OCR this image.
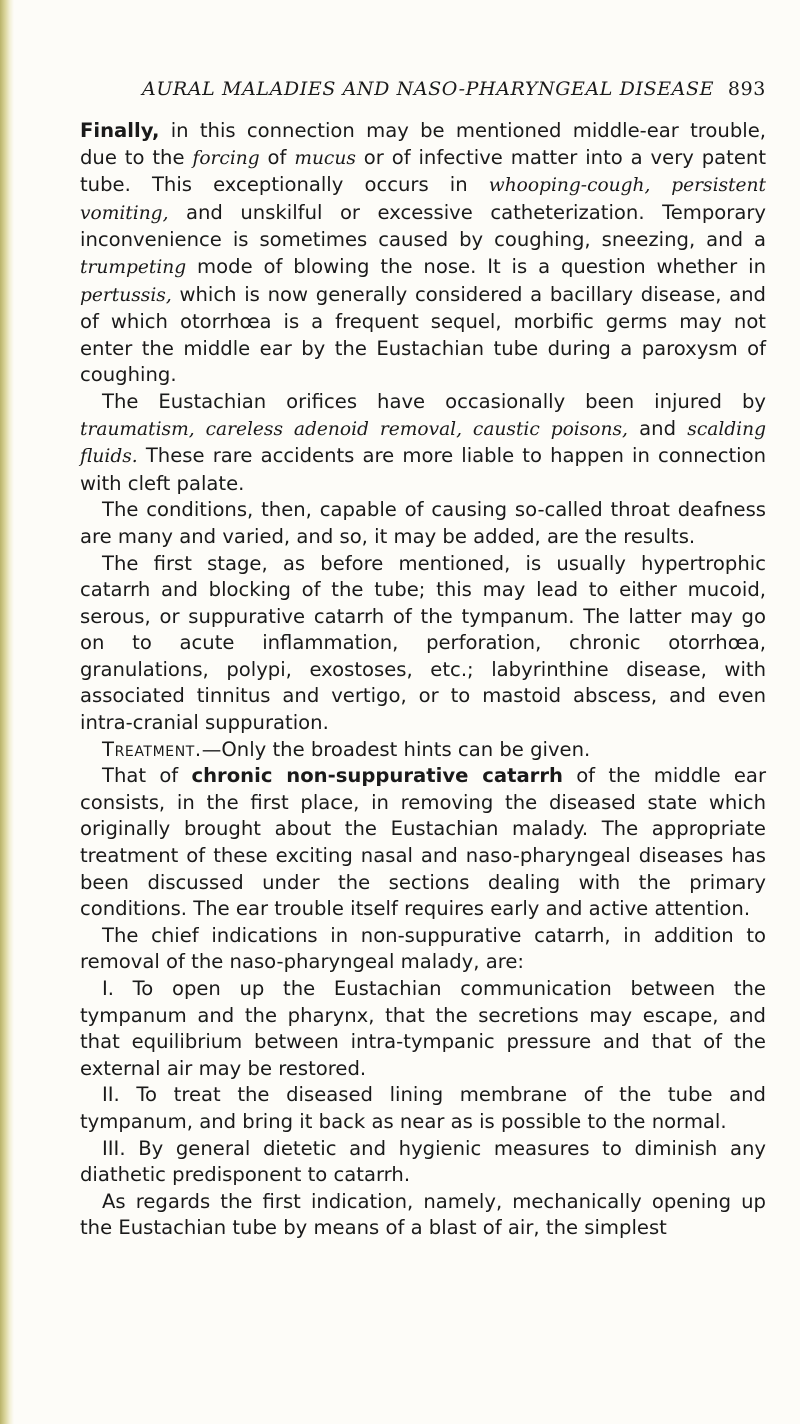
AURAL MALADIES AND NASO-PHARYNGEAL DISEASE 893

Finally, in this connection may be mentioned middle-ear trouble, due to the forcing of mucus or of infective matter into a very patent tube. This exceptionally occurs in whooping-cough, persistent vomiting, and unskilful or excessive catheterization. Temporary inconvenience is sometimes caused by coughing, sneezing, and a trumpeting mode of blowing the nose. It is a question whether in pertussis, which is now generally considered a bacillary disease, and of which otorrhœa is a frequent sequel, morbific germs may not enter the middle ear by the Eustachian tube during a paroxysm of coughing.

The Eustachian orifices have occasionally been injured by traumatism, careless adenoid removal, caustic poisons, and scalding fluids. These rare accidents are more liable to happen in connection with cleft palate.

The conditions, then, capable of causing so-called throat deafness are many and varied, and so, it may be added, are the results.

The first stage, as before mentioned, is usually hypertrophic catarrh and blocking of the tube; this may lead to either mucoid, serous, or suppurative catarrh of the tympanum. The latter may go on to acute inflammation, perforation, chronic otorrhœa, granulations, polypi, exostoses, etc.; labyrinthine disease, with associated tinnitus and vertigo, or to mastoid abscess, and even intra-cranial suppuration.

Treatment.—Only the broadest hints can be given.

That of chronic non-suppurative catarrh of the middle ear consists, in the first place, in removing the diseased state which originally brought about the Eustachian malady. The appropriate treatment of these exciting nasal and naso-pharyngeal diseases has been discussed under the sections dealing with the primary conditions. The ear trouble itself requires early and active attention.

The chief indications in non-suppurative catarrh, in addition to removal of the naso-pharyngeal malady, are:

I. To open up the Eustachian communication between the tympanum and the pharynx, that the secretions may escape, and that equilibrium between intra-tympanic pressure and that of the external air may be restored.

II. To treat the diseased lining membrane of the tube and tympanum, and bring it back as near as is possible to the normal.

III. By general dietetic and hygienic measures to diminish any diathetic predisponent to catarrh.

As regards the first indication, namely, mechanically opening up the Eustachian tube by means of a blast of air, the simplest
